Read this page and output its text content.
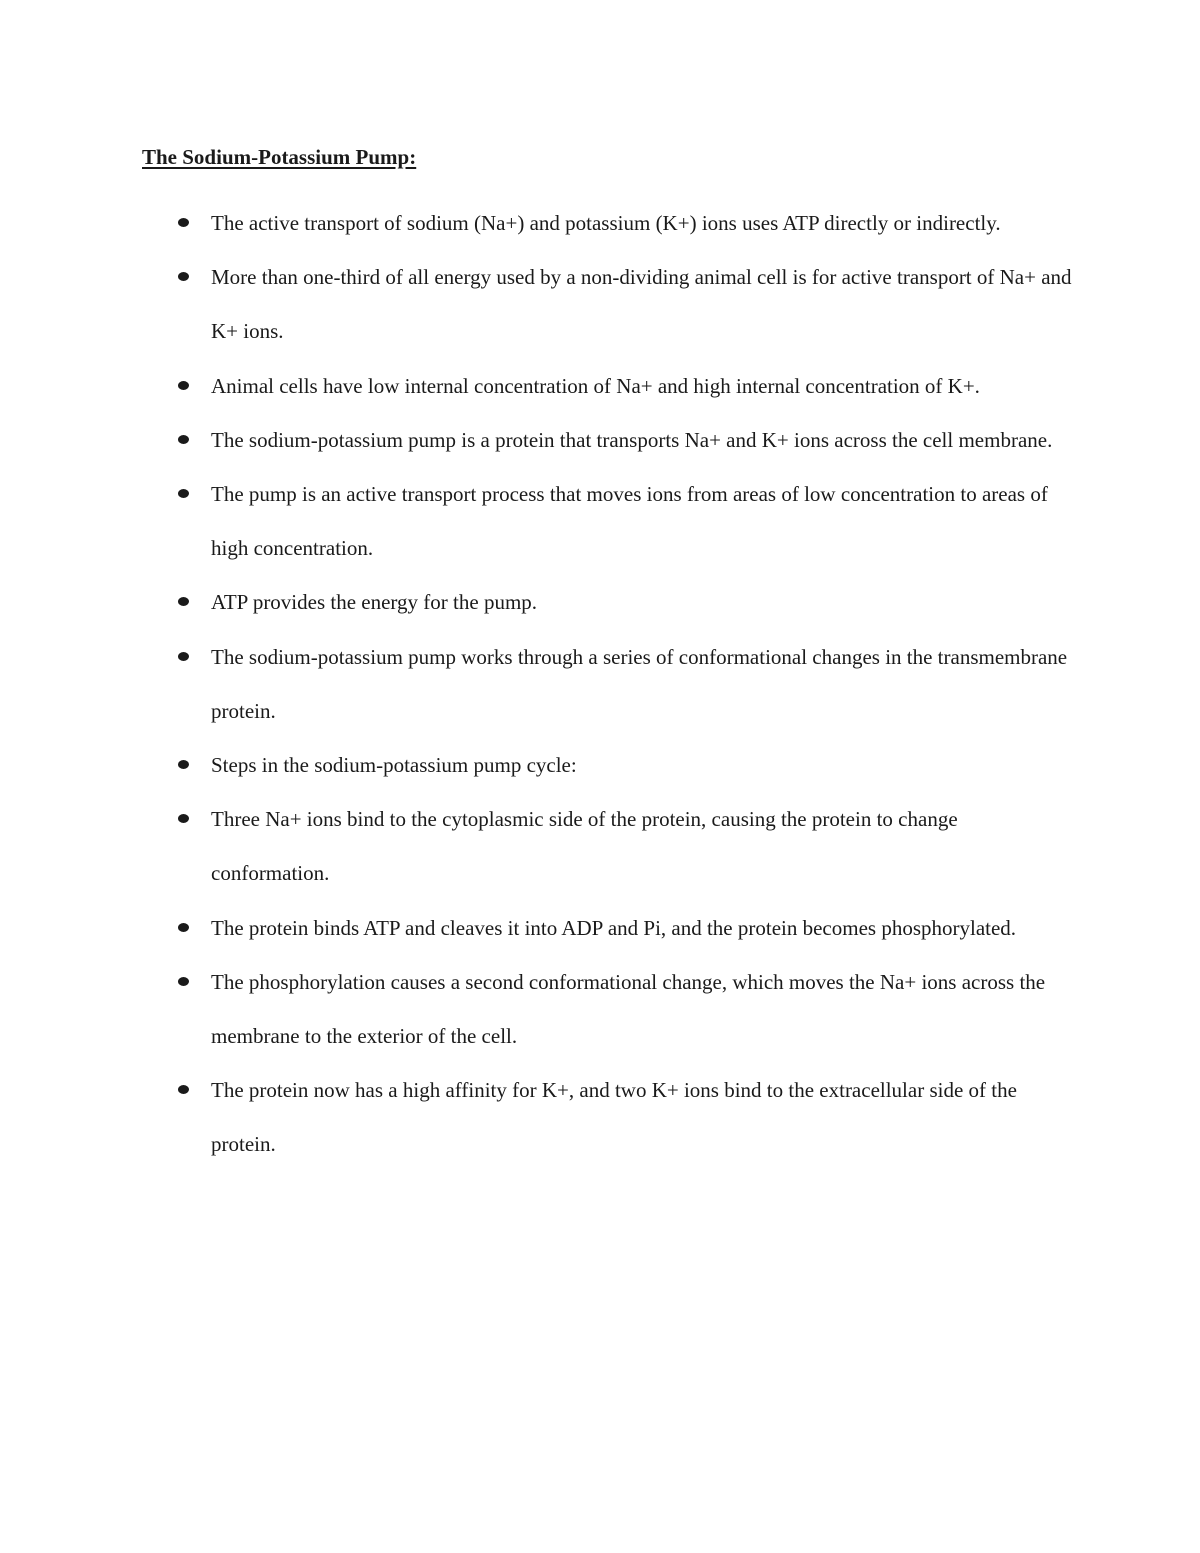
The Sodium-Potassium Pump:
The active transport of sodium (Na+) and potassium (K+) ions uses ATP directly or indirectly.
More than one-third of all energy used by a non-dividing animal cell is for active transport of Na+ and K+ ions.
Animal cells have low internal concentration of Na+ and high internal concentration of K+.
The sodium-potassium pump is a protein that transports Na+ and K+ ions across the cell membrane.
The pump is an active transport process that moves ions from areas of low concentration to areas of high concentration.
ATP provides the energy for the pump.
The sodium-potassium pump works through a series of conformational changes in the transmembrane protein.
Steps in the sodium-potassium pump cycle:
Three Na+ ions bind to the cytoplasmic side of the protein, causing the protein to change conformation.
The protein binds ATP and cleaves it into ADP and Pi, and the protein becomes phosphorylated.
The phosphorylation causes a second conformational change, which moves the Na+ ions across the membrane to the exterior of the cell.
The protein now has a high affinity for K+, and two K+ ions bind to the extracellular side of the protein.
